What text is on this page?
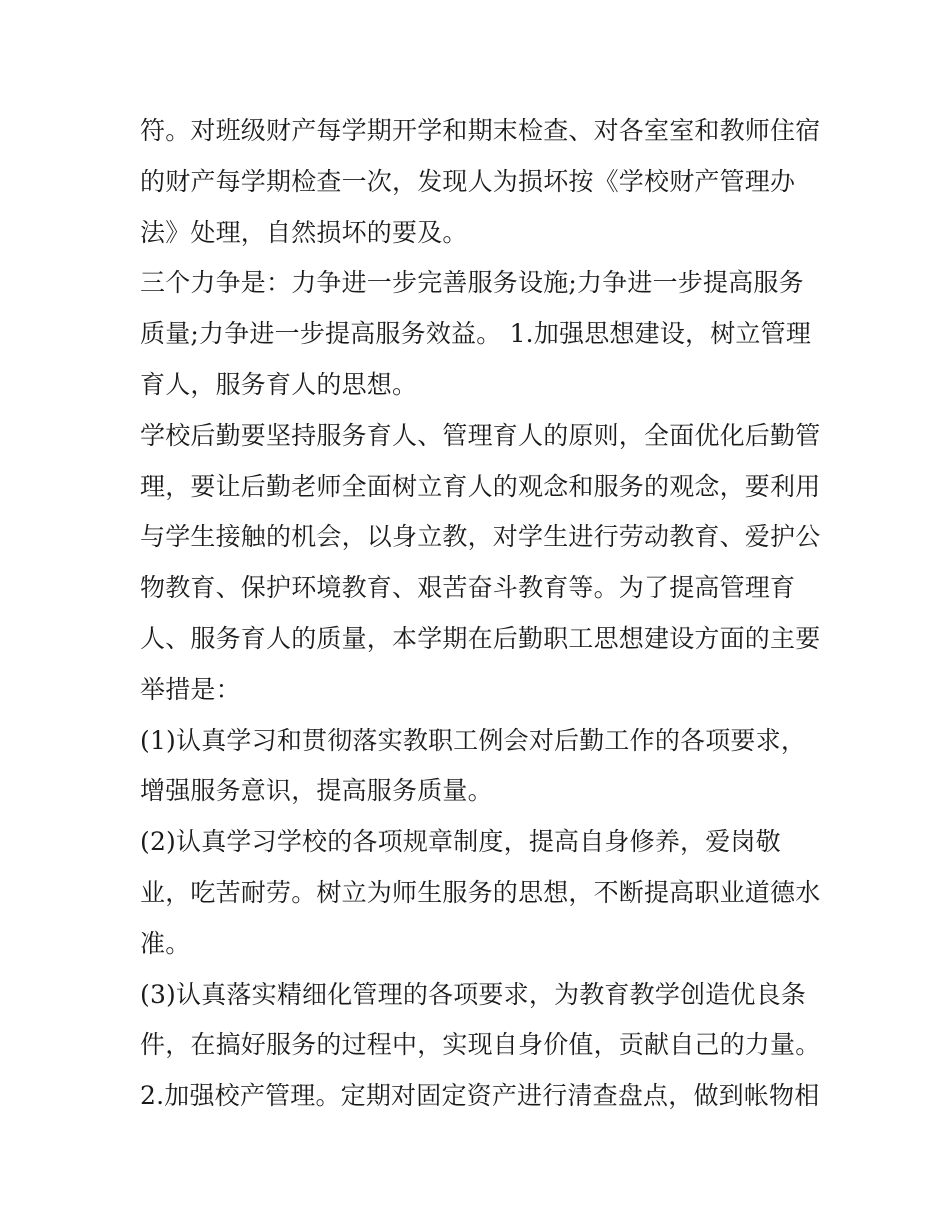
符。对班级财产每学期开学和期末检查、对各室室和教师住宿
的财产每学期检查一次，发现人为损坏按《学校财产管理办
法》处理，自然损坏的要及。
三个力争是：力争进一步完善服务设施;力争进一步提高服务
质量;力争进一步提高服务效益。 1.加强思想建设，树立管理
育人，服务育人的思想。
学校后勤要坚持服务育人、管理育人的原则，全面优化后勤管
理，要让后勤老师全面树立育人的观念和服务的观念，要利用
与学生接触的机会，以身立教，对学生进行劳动教育、爱护公
物教育、保护环境教育、艰苦奋斗教育等。为了提高管理育
人、服务育人的质量，本学期在后勤职工思想建设方面的主要
举措是：
(1)认真学习和贯彻落实教职工例会对后勤工作的各项要求，
增强服务意识，提高服务质量。
(2)认真学习学校的各项规章制度，提高自身修养，爱岗敬
业，吃苦耐劳。树立为师生服务的思想，不断提高职业道德水
准。
(3)认真落实精细化管理的各项要求，为教育教学创造优良条
件，在搞好服务的过程中，实现自身价值，贡献自己的力量。
2.加强校产管理。定期对固定资产进行清查盘点，做到帐物相
